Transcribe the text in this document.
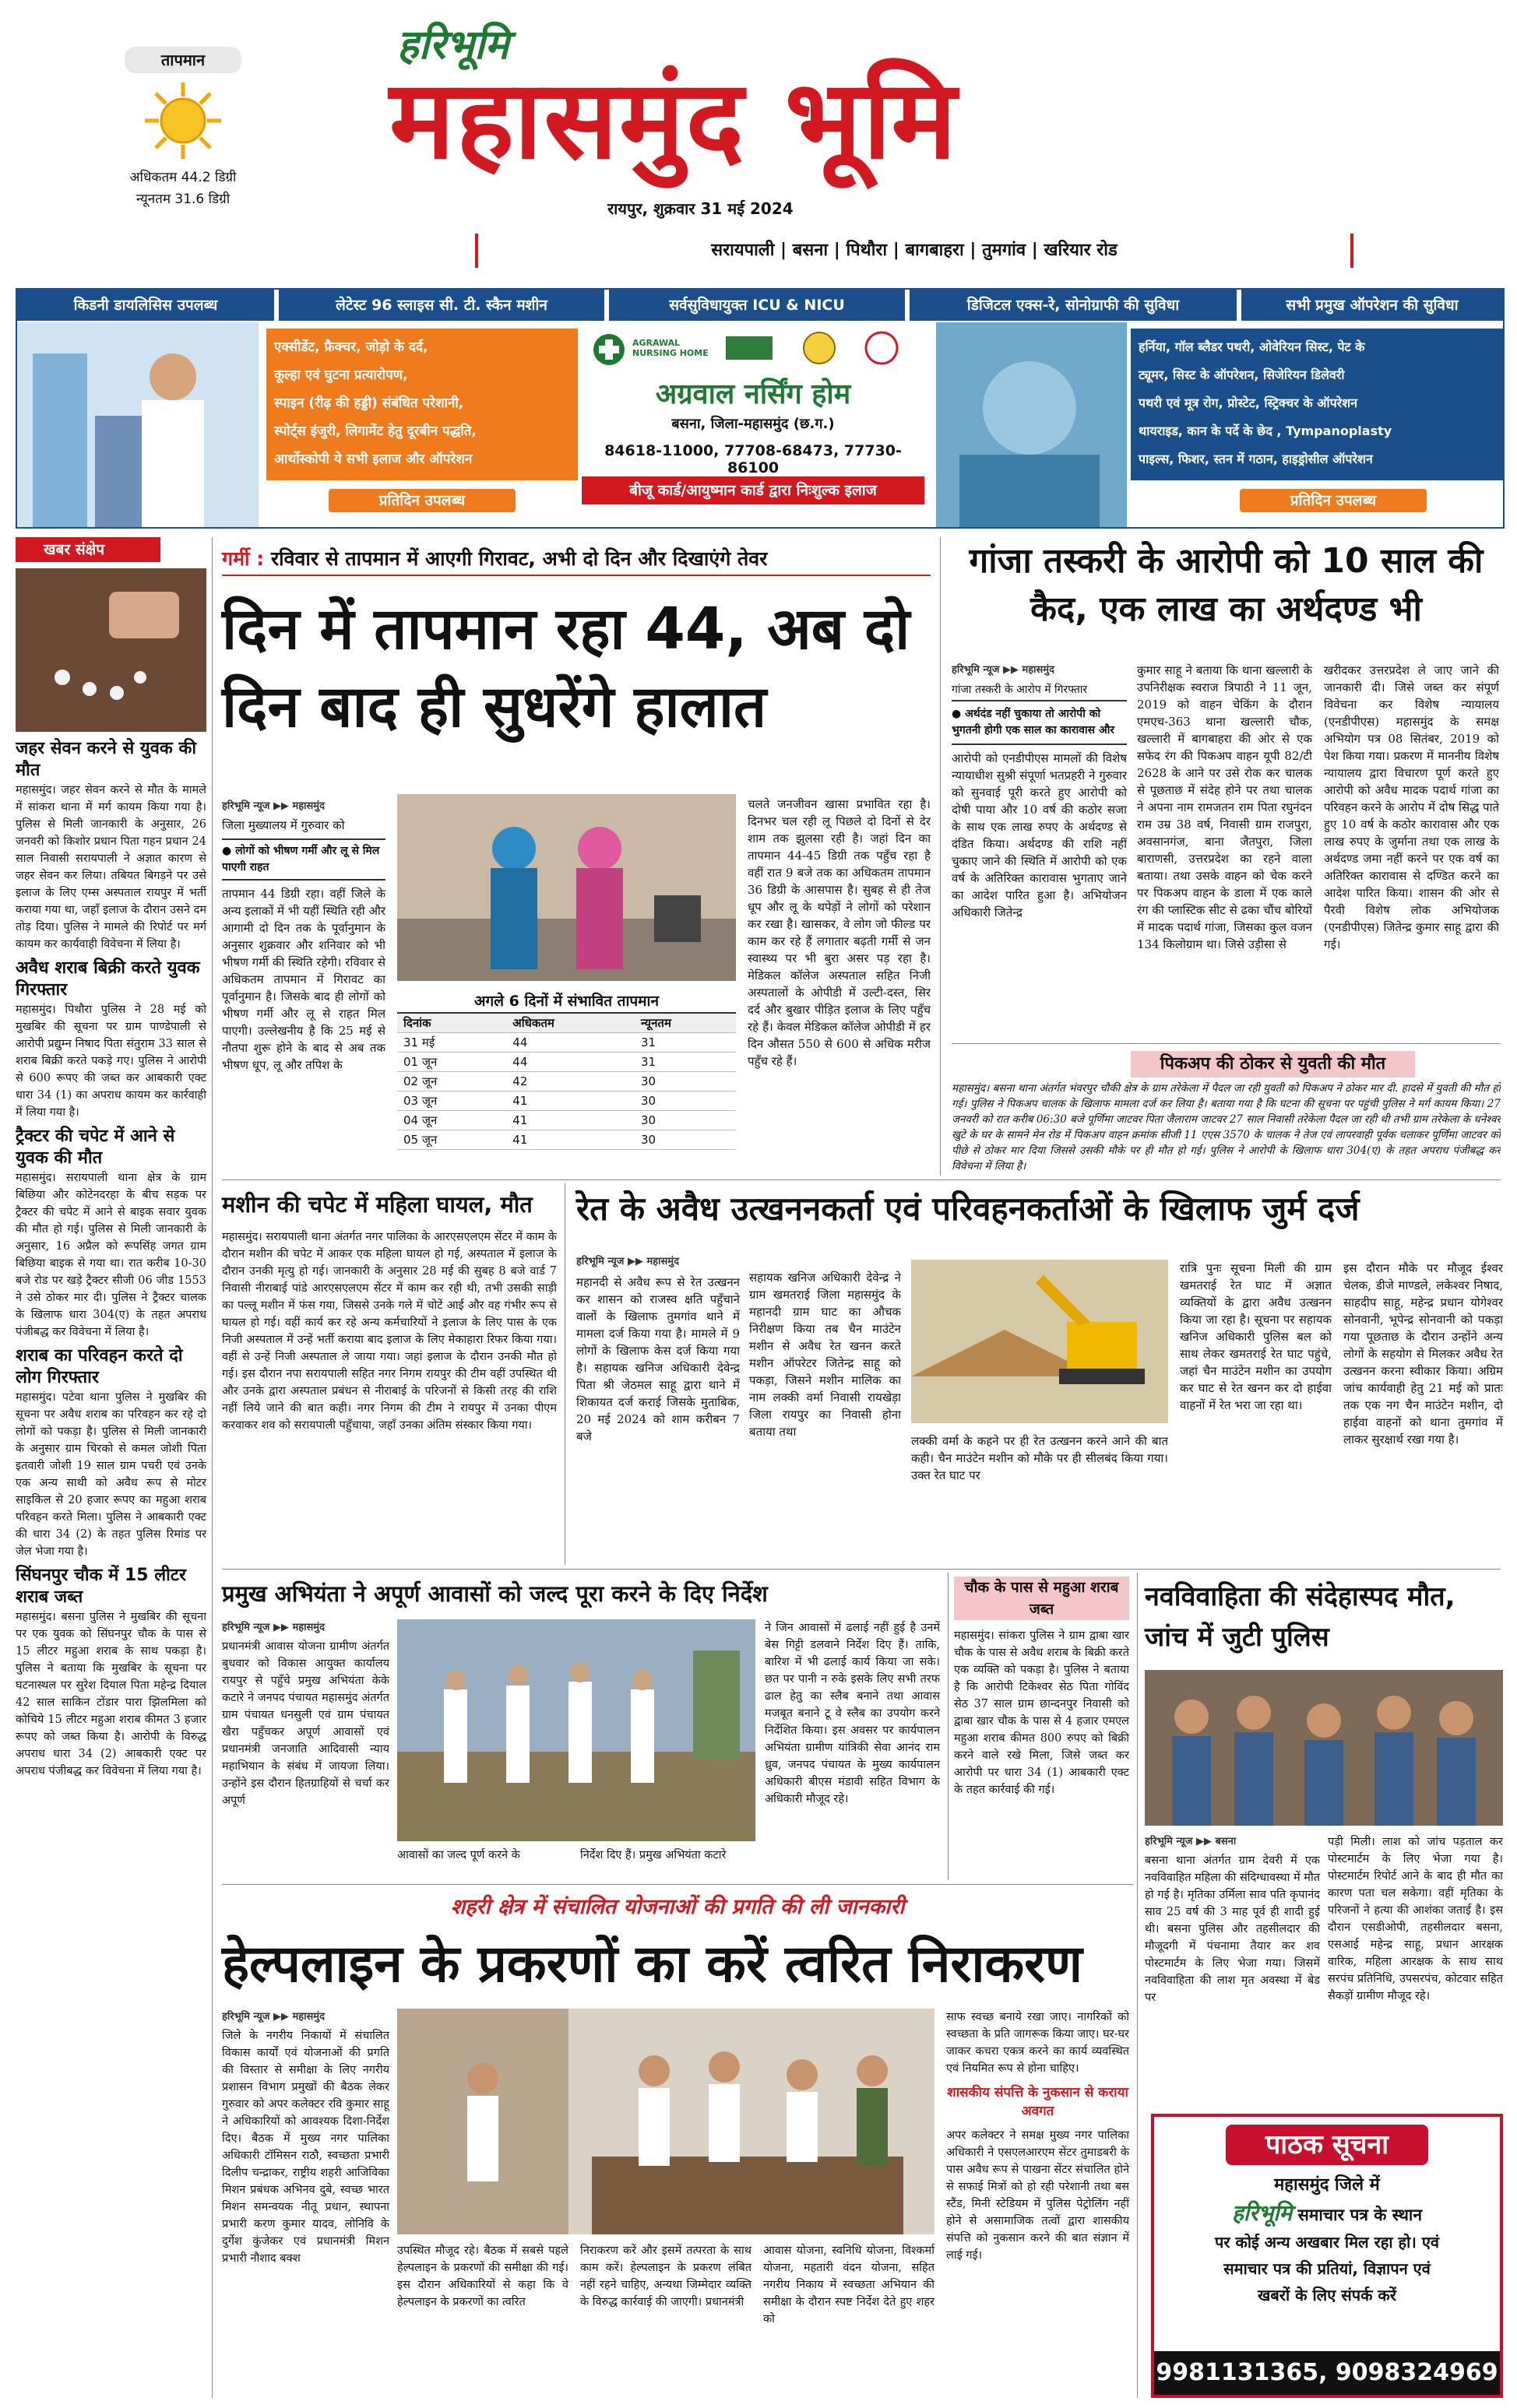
तापमान
अधिकतम 44.2 डिग्री
न्यूनतम 31.6 डिग्री
हरिभूमि
महासमुंद भूमि
रायपुर, शुक्रवार 31 मई 2024
सरायपाली | बसना | पिथौरा | बागबाहरा | तुमगांव | खरियार रोड
किडनी डायलिसिस उपलब्ध	लेटेस्ट 96 स्लाइस सी. टी. स्कैन मशीन	सर्वसुविधायुक्त ICU & NICU	डिजिटल एक्स-रे, सोनोग्राफी की सुविधा	सभी प्रमुख ऑपरेशन की सुविधा
एक्सीडेंट, फ्रैक्चर, जोड़ो के दर्द,
कूल्हा एवं घुटना प्रत्यारोपण,
स्पाइन (रीढ़ की हड्डी) संबंधित परेशानी,
स्पोर्ट्स इंजुरी, लिगामेंट हेतु दूरबीन पद्धति,
आर्थोस्कोपी ये सभी इलाज और ऑपरेशन
प्रतिदिन उपलब्ध
AGRAWAL NURSING HOME
अग्रवाल नर्सिंग होम
बसना, जिला-महासमुंद (छ.ग.)
84618-11000, 77708-68473, 77730-86100
बीजू कार्ड/आयुष्मान कार्ड द्वारा निःशुल्क इलाज
हर्निया, गॉल ब्लैडर पथरी, ओवेरियन सिस्ट, पेट के
ट्यूमर, सिस्ट के ऑपरेशन, सिजेरियन डिलेवरी
पथरी एवं मूत्र रोग, प्रोस्टेट, स्ट्रिक्चर के ऑपरेशन
थायराइड, कान के पर्दे के छेद , Tympanoplasty
पाइल्स, फिशर, स्तन में गठान, हाइड्रोसील ऑपरेशन
प्रतिदिन उपलब्ध
खबर संक्षेप
जहर सेवन करने से युवक की मौत
महासमुंद। जहर सेवन करने से मौत के मामले में सांकरा थाना में मर्ग कायम किया गया है। पुलिस से मिली जानकारी के अनुसार, 26 जनवरी को किशोर प्रधान पिता गहन प्रधान 24 साल निवासी सरायपाली ने अज्ञात कारण से जहर सेवन कर लिया। तबियत बिगड़ने पर उसे इलाज के लिए एम्स अस्पताल रायपुर में भर्ती कराया गया था, जहाँ इलाज के दौरान उसने दम तोड़ दिया। पुलिस ने मामले की रिपोर्ट पर मर्ग कायम कर कार्यवाही विवेचना में लिया है।
अवैध शराब बिक्री करते युवक गिरफ्तार
महासमुंद। पिथौरा पुलिस ने 28 मई को मुखबिर की सूचना पर ग्राम पाण्डेपाली से आरोपी प्रद्युम्न निषाद पिता संतुराम 33 साल से शराब बिक्री करते पकड़े गए। पुलिस ने आरोपी से 600 रूपए की जब्त कर आबकारी एक्ट धारा 34 (1) का अपराध कायम कर कार्रवाही में लिया गया है।
ट्रैक्टर की चपेट में आने से युवक की मौत
महासमुंद। सरायपाली थाना क्षेत्र के ग्राम बिछिया और कोटेनदरहा के बीच सड़क पर ट्रैक्टर की चपेट में आने से बाइक सवार युवक की मौत हो गई। पुलिस से मिली जानकारी के अनुसार, 16 अप्रैल को रूपसिंह जगत ग्राम बिछिया बाइक से गया था। रात करीब 10-30 बजे रोड पर खड़े ट्रैक्टर सीजी 06 जीड 1553 ने उसे ठोकर मार दी। पुलिस ने ट्रैक्टर चालक के खिलाफ धारा 304(ए) के तहत अपराध पंजीबद्ध कर विवेचना में लिया है।
शराब का परिवहन करते दो लोग गिरफ्तार
महासमुंद। पटेवा थाना पुलिस ने मुखबिर की सूचना पर अवैध शराब का परिवहन कर रहे दो लोगों को पकड़ा है। पुलिस से मिली जानकारी के अनुसार ग्राम चिरको से कमल जोशी पिता इतवारी जोशी 19 साल ग्राम पचरी एवं उनके एक अन्य साथी को अवैध रूप से मोटर साइकिल से 20 हजार रूपए का महुआ शराब परिवहन करते मिला। पुलिस ने आबकारी एक्ट की धारा 34 (2) के तहत पुलिस रिमांड पर जेल भेजा गया है।
सिंघनपुर चौक में 15 लीटर शराब जब्त
महासमुंद। बसना पुलिस ने मुखबिर की सूचना पर एक युवक को सिंघनपुर चौक के पास से 15 लीटर महुआ शराब के साथ पकड़ा है। पुलिस ने बताया कि मुखबिर के सूचना पर घटनास्थल पर सुरेश दियाल पिता महेन्द्र दियाल 42 साल साकिन टोंडार पारा झिलमिला को कोचिये 15 लीटर महुआ शराब कीमत 3 हजार रूपए को जब्त किया है। आरोपी के विरुद्ध अपराध धारा 34 (2) आबकारी एक्ट पर अपराध पंजीबद्ध कर विवेचना में लिया गया है।
गर्मी : रविवार से तापमान में आएगी गिरावट, अभी दो दिन और दिखाएंगे तेवर
दिन में तापमान रहा 44, अब दो दिन बाद ही सुधरेंगे हालात
हरिभूमि न्यूज ▶▶ महासमुंद
जिला मुख्यालय में गुरुवार को
● लोगों को भीषण गर्मी और लू से मिल पाएगी राहत
तापमान 44 डिग्री रहा। वहीं जिले के अन्य इलाकों में भी यहीं स्थिति रही और आगामी दो दिन तक के पूर्वानुमान के अनुसार शुक्रवार और शनिवार को भी भीषण गर्मी की स्थिति रहेगी। रविवार से अधिकतम तापमान में गिरावट का पूर्वानुमान है। जिसके बाद ही लोगों को भीषण गर्मी और लू से राहत मिल पाएगी। उल्लेखनीय है कि 25 मई से नौतपा शुरू होने के बाद से अब तक भीषण धूप, लू और तपिश के
अगले 6 दिनों में संभावित तापमान
दिनांक	अधिकतम	न्यूनतम
31 मई	44	31
01 जून	44	31
02 जून	42	30
03 जून	41	30
04 जून	41	30
05 जून	41	30
चलते जनजीवन खासा प्रभावित रहा है। दिनभर चल रही लू पिछले दो दिनों से देर शाम तक झुलसा रही है। जहां दिन का तापमान 44-45 डिग्री तक पहुँच रहा है वहीं रात 9 बजे तक का अधिकतम तापमान 36 डिग्री के आसपास है। सुबह से ही तेज धूप और लू के थपेड़ों ने लोगों को परेशान कर रखा है। खासकर, वे लोग जो फील्ड पर काम कर रहे हैं लगातार बढ़ती गर्मी से जन स्वास्थ्य पर भी बुरा असर पड़ रहा है। मेडिकल कॉलेज अस्पताल सहित निजी अस्पतालों के ओपीडी में उल्टी-दस्त, सिर दर्द और बुखार पीड़ित इलाज के लिए पहुँच रहे हैं। केवल मेडिकल कॉलेज ओपीडी में हर दिन औसत 550 से 600 से अधिक मरीज पहुँच रहे हैं।
गांजा तस्करी के आरोपी को 10 साल की कैद, एक लाख का अर्थदण्ड भी
हरिभूमि न्यूज ▶▶ महासमुंद
गांजा तस्करी के आरोप में गिरफ्तार
● अर्थदंड नहीं चुकाया तो आरोपी को भुगतनी होगी एक साल का कारावास और
आरोपी को एनडीपीएस मामलों की विशेष न्यायाधीश सुश्री संपूर्णा भतप्रहरी ने गुरुवार को सुनवाई पूरी करते हुए आरोपी को दोषी पाया और 10 वर्ष की कठोर सजा के साथ एक लाख रुपए के अर्थदण्ड से दंडित किया। अर्थदण्ड की राशि नहीं चुकाए जाने की स्थिति में आरोपी को एक वर्ष के अतिरिक्त कारावास भुगताए जाने का आदेश पारित हुआ है। अभियोजन अधिकारी जितेन्द्र
कुमार साहू ने बताया कि थाना खल्लारी के उपनिरीक्षक स्वराज त्रिपाठी ने 11 जून, 2019 को वाहन चेकिंग के दौरान एमएच-363 थाना खल्लारी चौक, खल्लारी में बागबाहरा की ओर से एक सफेद रंग की पिकअप वाहन यूपी 82/टी 2628 के आने पर उसे रोक कर चालक से पूछताछ में संदेह होने पर तथा चालक ने अपना नाम रामजतन राम पिता रघुनंदन राम उम्र 38 वर्ष, निवासी ग्राम राजपुरा, अवसानगंज, बाना जैतपुरा, जिला बाराणसी, उत्तरप्रदेश का रहने वाला बताया। तथा उसके वाहन को चेक करने पर पिकअप वाहन के डाला में एक काले रंग की प्लास्टिक सीट से ढका चौंच बोरियों में मादक पदार्थ गांजा, जिसका कुल वजन 134 किलोग्राम था। जिसे उड़ीसा से
खरीदकर उत्तरप्रदेश ले जाए जाने की जानकारी दी। जिसे जब्त कर संपूर्ण विवेचना कर विशेष न्यायालय (एनडीपीएस) महासमुंद के समक्ष अभियोग पत्र 08 सितंबर, 2019 को पेश किया गया। प्रकरण में माननीय विशेष न्यायालय द्वारा विचारण पूर्ण करते हुए आरोपी को अवैध मादक पदार्थ गांजा का परिवहन करने के आरोप में दोष सिद्ध पाते हुए 10 वर्ष के कठोर कारावास और एक लाख रुपए के जुर्माना तथा एक लाख के अर्थदण्ड जमा नहीं करने पर एक वर्ष का अतिरिक्त कारावास से दण्डित करने का आदेश पारित किया। शासन की ओर से पैरवी विशेष लोक अभियोजक (एनडीपीएस) जितेन्द्र कुमार साहू द्वारा की गई।
पिकअप की ठोकर से युवती की मौत
महासमुंद। बसना थाना अंतर्गत भंवरपुर चौकी क्षेत्र के ग्राम तरेकेला में पैदल जा रही युवती को पिकअप ने ठोकर मार दी. हादसे में युवती की मौत हो गई। पुलिस ने पिकअप चालक के खिलाफ मामला दर्ज कर लिया है। बताया गया है कि घटना की सूचना पर पहुंची पुलिस ने मर्ग कायम किया। 27 जनवरी को रात करीब 06:30 बजे पूर्णिमा जाटवर पिता जैलाराम जाटवर 27 साल निवासी तरेकेला पैदल जा रही थी तभी ग्राम तरेकेला के धनेश्वर खुटे के घर के सामने मेन रोड में पिकअप वाहन क्रमांक सीजी 11 एएस 3570 के चालक ने तेज एवं लापरवाही पूर्वक चलाकर पूर्णिमा जाटवर को पीछे से ठोकर मार दिया जिससे उसकी मौके पर ही मौत हो गई। पुलिस ने आरोपी के खिलाफ धारा 304(ए) के तहत अपराध पंजीबद्ध कर विवेचना में लिया है।
मशीन की चपेट में महिला घायल, मौत
महासमुंद। सरायपाली थाना अंतर्गत नगर पालिका के आरएसएलएम सेंटर में काम के दौरान मशीन की चपेट में आकर एक महिला घायल हो गई, अस्पताल में इलाज के दौरान उनकी मृत्यु हो गई। जानकारी के अनुसार 28 मई की सुबह 8 बजे वार्ड 7 निवासी नीराबाई पांडे आरएसएलएम सेंटर में काम कर रही थी, तभी उसकी साड़ी का पल्लू मशीन में फंस गया, जिससे उनके गले में चोटें आई और वह गंभीर रूप से घायल हो गई। वहीं कार्य कर रहे अन्य कर्मचारियों ने इलाज के लिए पास के एक निजी अस्पताल में उन्हें भर्ती कराया बाद इलाज के लिए मेकाहारा रिफर किया गया। वहीं से उन्हें निजी अस्पताल ले जाया गया। जहां इलाज के दौरान उनकी मौत हो गई। इस दौरान नपा सरायपाली सहित नगर निगम रायपुर की टीम वहीं उपस्थित थी और उनके द्वारा अस्पताल प्रबंधन से नीराबाई के परिजनों से किसी तरह की राशि नहीं लिये जाने की बात कही। नगर निगम की टीम ने रायपुर में उनका पीएम करवाकर शव को सरायपाली पहुँचाया, जहाँ उनका अंतिम संस्कार किया गया।
रेत के अवैध उत्खननकर्ता एवं परिवहनकर्ताओं के खिलाफ जुर्म दर्ज
हरिभूमि न्यूज ▶▶ महासमुंद
महानदी से अवैध रूप से रेत उत्खनन कर शासन को राजस्व क्षति पहुँचाने वालों के खिलाफ तुमगांव थाने में मामला दर्ज किया गया है। मामले में 9 लोगों के खिलाफ केस दर्ज किया गया है। सहायक खनिज अधिकारी देवेन्द्र पिता श्री जेठमल साहू द्वारा थाने में शिकायत दर्ज कराई जिसके मुताबिक, 20 मई 2024 को शाम करीबन 7 बजे
सहायक खनिज अधिकारी देवेन्द्र ने ग्राम खमतराई जिला महासमुंद के महानदी ग्राम घाट का औचक निरीक्षण किया तब चैन माउंटेन मशीन से अवैध रेत खनन करते मशीन ऑपरेटर जितेन्द्र साहू को पकड़ा, जिसने मशीन मालिक का नाम लक्की वर्मा निवासी रायखेड़ा जिला रायपुर का निवासी होना बताया तथा
लक्की वर्मा के कहने पर ही रेत उत्खनन करने आने की बात कही। चैन माउंटेन मशीन को मौके पर ही सीलबंद किया गया। उक्त रेत घाट पर
रात्रि पुनः सूचना मिली की ग्राम खमतराई रेत घाट में अज्ञात व्यक्तियों के द्वारा अवैध उत्खनन किया जा रहा है। सूचना पर सहायक खनिज अधिकारी पुलिस बल को साथ लेकर खमतराई रेत घाट पहुंचे, जहां चैन माउंटेन मशीन का उपयोग कर घाट से रेत खनन कर दो हाईवा वाहनों में रेत भरा जा रहा था।
इस दौरान मौके पर मौजूद ईश्वर चेलक, डीजे माण्डले, लकेश्वर निषाद, साहदीप साहू, महेन्द्र प्रधान योगेश्वर सोनवानी, भूपेन्द्र सोनवानी को पकड़ा गया पूछताछ के दौरान उन्होंने अन्य लोगों के सहयोग से मिलकर अवैध रेत उत्खनन करना स्वीकार किया। अग्रिम जांच कार्यवाही हेतु 21 मई को प्रातः तक एक नग चैन माउंटेन मशीन, दो हाईवा वाहनों को थाना तुमगांव में लाकर सुरक्षार्थ रखा गया है।
प्रमुख अभियंता ने अपूर्ण आवासों को जल्द पूरा करने के दिए निर्देश
हरिभूमि न्यूज ▶▶ महासमुंद
प्रधानमंत्री आवास योजना ग्रामीण अंतर्गत बुधवार को विकास आयुक्त कार्यालय रायपुर से पहुँचे प्रमुख अभियंता केके कटारे ने जनपद पंचायत महासमुंद अंतर्गत ग्राम पंचायत धनसुली एवं ग्राम पंचायत खैरा पहुँचकर अपूर्ण आवासों एवं प्रधानमंत्री जनजाति आदिवासी न्याय महाभियान के संबंध में जायजा लिया। उन्होंने इस दौरान हितग्राहियों से चर्चा कर अपूर्ण
आवासों का जल्द पूर्ण करने के	निर्देश दिए हैं। प्रमुख अभियंता कटारे
ने जिन आवासों में ढलाई नहीं हुई है उनमें बेस गिट्टी डलवाने निर्देश दिए हैं। ताकि, बारिश में भी ढलाई कार्य किया जा सके। छत पर पानी न रुके इसके लिए सभी तरफ ढाल हेतु का स्लैब बनाने तथा आवास मजबूत बनाने टू वे स्लैब का उपयोग करने निर्देशित किया। इस अवसर पर कार्यपालन अभियंता ग्रामीण यांत्रिकी सेवा आनंद राम ध्रुव, जनपद पंचायत के मुख्य कार्यपालन अधिकारी बीएस मंडावी सहित विभाग के अधिकारी मौजूद रहे।
चौक के पास से महुआ शराब जब्त
महासमुंद। सांकरा पुलिस ने ग्राम द्वाबा खार चौक के पास से अवैध शराब के बिक्री करते एक व्यक्ति को पकड़ा है। पुलिस ने बताया है कि आरोपी टिकेश्वर सेठ पिता गोविंद सेठ 37 साल ग्राम छान्दनपुर निवासी को द्वाबा खार चौक के पास से 4 हजार एमएल महुआ शराब कीमत 800 रुपए को बिक्री करने वाले रखे मिला, जिसे जब्त कर आरोपी पर धारा 34 (1) आबकारी एक्ट के तहत कार्रवाई की गई।
नवविवाहिता की संदेहास्पद मौत, जांच में जुटी पुलिस
हरिभूमि न्यूज ▶▶ बसना
बसना थाना अंतर्गत ग्राम देवरी में एक नवविवाहित महिला की संदिग्धावस्था में मौत हो गई है। मृतिका उर्मिला साव पति कृपानंद साव 25 वर्ष की 3 माह पूर्व ही शादी हुई थी। बसना पुलिस और तहसीलदार की मौजूदगी में पंचनामा तैयार कर शव पोस्टमार्टम के लिए भेजा गया। जिसमें नवविवाहिता की लाश मृत अवस्था में बेड पर
पड़ी मिली। लाश को जांच पड़ताल कर पोस्टमार्टम के लिए भेजा गया है। पोस्टमार्टम रिपोर्ट आने के बाद ही मौत का कारण पता चल सकेगा। वहीं मृतिका के परिजनों ने हत्या की आशंका जताई है। इस दौरान एसडीओपी, तहसीलदार बसना, एसआई महेन्द्र साहू, प्रधान आरक्षक वारिक, महिला आरक्षक के साथ साथ सरपंच प्रतिनिधि, उपसरपंच, कोटवार सहित सैकड़ों ग्रामीण मौजूद रहे।
पाठक सूचना
महासमुंद जिले में
हरिभूमि समाचार पत्र के स्थान
पर कोई अन्य अखबार मिल रहा हो। एवं
समाचार पत्र की प्रतियां, विज्ञापन एवं
खबरों के लिए संपर्क करें
9981131365, 9098324969
शहरी क्षेत्र में संचालित योजनाओं की प्रगति की ली जानकारी
हेल्पलाइन के प्रकरणों का करें त्वरित निराकरण
हरिभूमि न्यूज ▶▶ महासमुंद
जिले के नगरीय निकायों में संचालित विकास कार्यों एवं योजनाओं की प्रगति की विस्तार से समीक्षा के लिए नगरीय प्रशासन विभाग प्रमुखों की बैठक लेकर गुरुवार को अपर कलेक्टर रवि कुमार साहू ने अधिकारियों को आवश्यक दिशा-निर्देश दिए। बैठक में मुख्य नगर पालिका अधिकारी टॉमिसन राठौ, स्वच्छता प्रभारी दिलीप चन्द्राकर, राष्ट्रीय शहरी आजिविका मिशन प्रबंधक अभिनव दुबे, स्वच्छ भारत मिशन समन्वयक नीतू प्रधान, स्थापना प्रभारी करण कुमार यादव, लोनिवि के दुर्गेश कुंजेकर एवं प्रधानमंत्री मिशन प्रभारी नौशाद बक्श
उपस्थित मौजूद रहे। बैठक में सबसे पहले हेल्पलाइन के प्रकरणों की समीक्षा की गई। इस दौरान अधिकारियों से कहा कि वे हेल्पलाइन के प्रकरणों का त्वरित
निराकरण करें और इसमें तत्परता के साथ काम करें। हेल्पलाइन के प्रकरण लंबित नहीं रहने चाहिए, अन्यथा जिम्मेदार व्यक्ति के विरुद्ध कार्रवाई की जाएगी। प्रधानमंत्री
आवास योजना, स्वनिधि योजना, विश्कर्मा योजना, महतारी वंदन योजना, सहित नगरीय निकाय में स्वच्छता अभियान की समीक्षा के दौरान स्पष्ट निर्देश देते हुए शहर को
साफ स्वच्छ बनाये रखा जाए। नागरिकों को स्वच्छता के प्रति जागरूक किया जाए। घर-घर जाकर कचरा एकत्र करने का कार्य व्यवस्थित एवं नियमित रूप से होना चाहिए।
शासकीय संपत्ति के नुकसान से कराया अवगत
अपर कलेक्टर ने समक्ष मुख्य नगर पालिका अधिकारी ने एसएलआरएम सेंटर तुमाडबरी के पास अवैध रूप से पाखना सेंटर संचालित होने से सफाई मित्रों को हो रही परेशानी तथा बस स्टैंड, मिनी स्टेडियम में पुलिस पेट्रोलिंग नहीं होने से असामाजिक तत्वों द्वारा शासकीय संपत्ति को नुकसान करने की बात संज्ञान में लाई गई।
